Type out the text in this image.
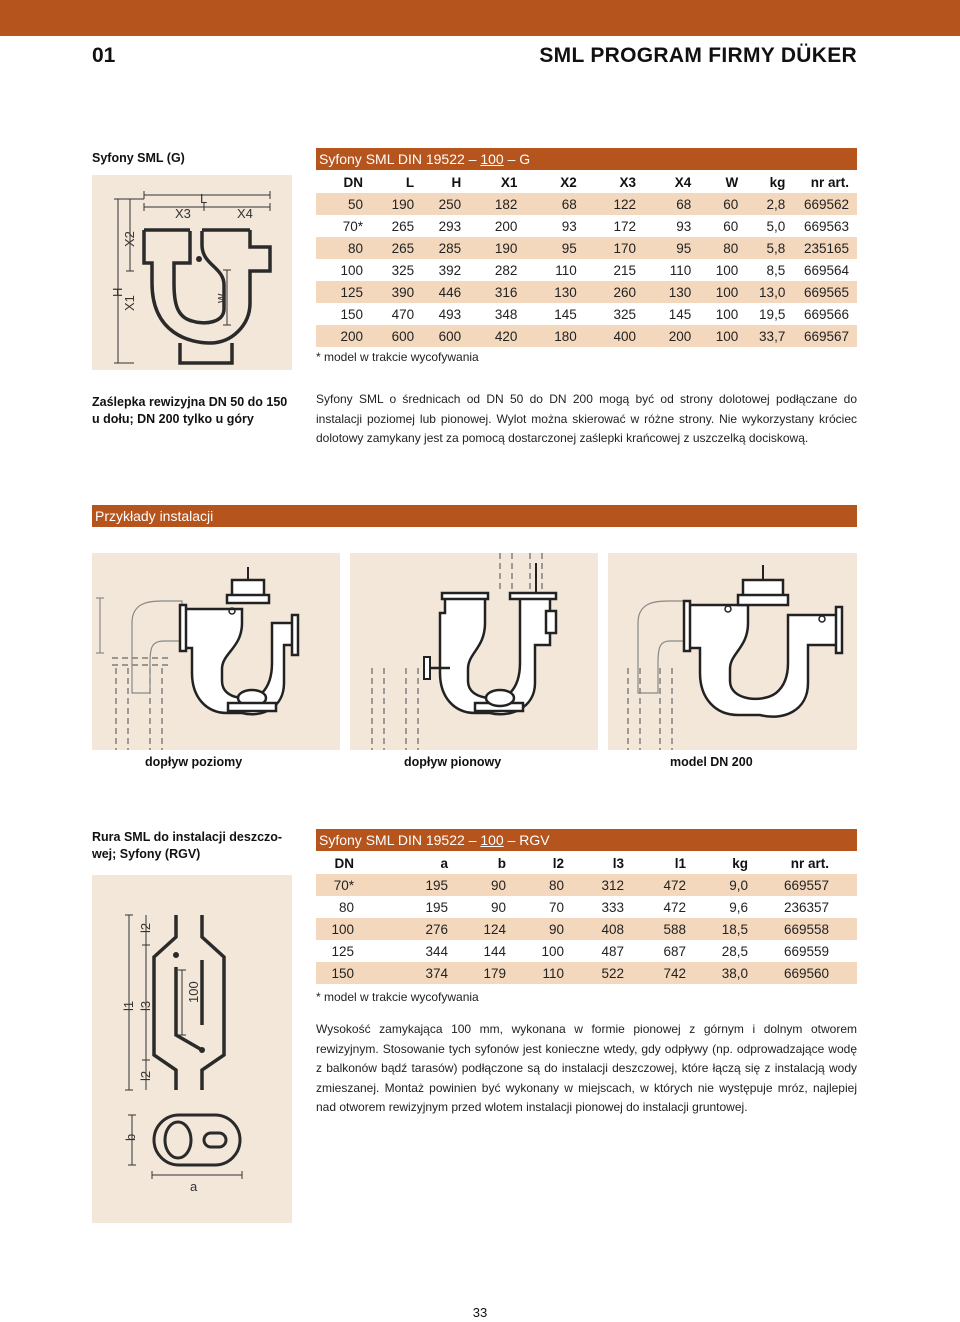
01	SML PROGRAM FIRMY DÜKER
Syfony SML (G)
L
X3	X4
w
X2
H
X1
Syfony SML DIN 19522 – 100 – G
DN	L	H	X1	X2	X3	X4	W	kg	nr art.
50	190	250	182	68	122	68	60	2,8	669562
70*	265	293	200	93	172	93	60	5,0	669563
80	265	285	190	95	170	95	80	5,8	235165
100	325	392	282	110	215	110	100	8,5	669564
125	390	446	316	130	260	130	100	13,0	669565
150	470	493	348	145	325	145	100	19,5	669566
200	600	600	420	180	400	200	100	33,7	669567
* model w trakcie wycofywania
Zaślepka rewizyjna DN 50 do 150
u dołu; DN 200 tylko u góry
Syfony SML o średnicach od DN 50 do DN 200 mogą być od strony dolotowej podłączane do instalacji poziomej lub pionowej. Wylot można skierować w różne strony. Nie wykorzystany króciec dolotowy zamykany jest za pomocą dostarczonej zaślepki krańcowej z uszczelką dociskową.
Przykłady instalacji
dopływ poziomy	dopływ pionowy	model DN 200
Rura SML do instalacji deszczo-
wej; Syfony (RGV)
l2
l1 l3
100
l2
b
a
Syfony SML DIN 19522 – 100 – RGV
DN	a	b	l2	l3	l1	kg	nr art.
70*	195	90	80	312	472	9,0	669557
80	195	90	70	333	472	9,6	236357
100	276	124	90	408	588	18,5	669558
125	344	144	100	487	687	28,5	669559
150	374	179	110	522	742	38,0	669560
* model w trakcie wycofywania
Wysokość zamykająca 100 mm, wykonana w formie pionowej z górnym i dolnym otworem rewizyjnym. Stosowanie tych syfonów jest konieczne wtedy, gdy odpływy (np. odprowadzające wodę z balkonów bądź tarasów) podłączone są do instalacji deszczowej, które łączą się z instalacją wody zmieszanej. Montaż powinien być wykonany w miejscach, w których nie występuje mróz, najlepiej nad otworem rewizyjnym przed wlotem instalacji pionowej do instalacji gruntowej.
33
